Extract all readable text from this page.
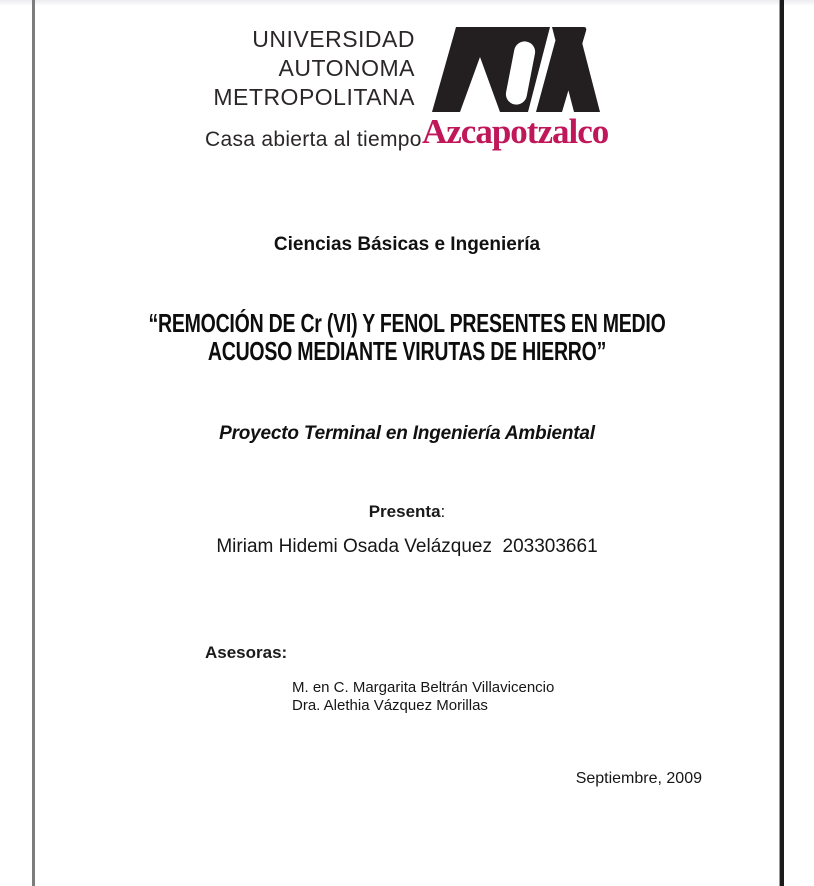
UNIVERSIDAD
AUTONOMA
METROPOLITANA
Casa abierta al tiempo Azcapotzalco
Ciencias Básicas e Ingeniería
“REMOCIÓN DE Cr (VI) Y FENOL PRESENTES EN MEDIO
ACUOSO MEDIANTE VIRUTAS DE HIERRO”
Proyecto Terminal en Ingeniería Ambiental
Presenta:
Miriam Hidemi Osada Velázquez  203303661
Asesoras:
M. en C. Margarita Beltrán Villavicencio
Dra. Alethia Vázquez Morillas
Septiembre, 2009
